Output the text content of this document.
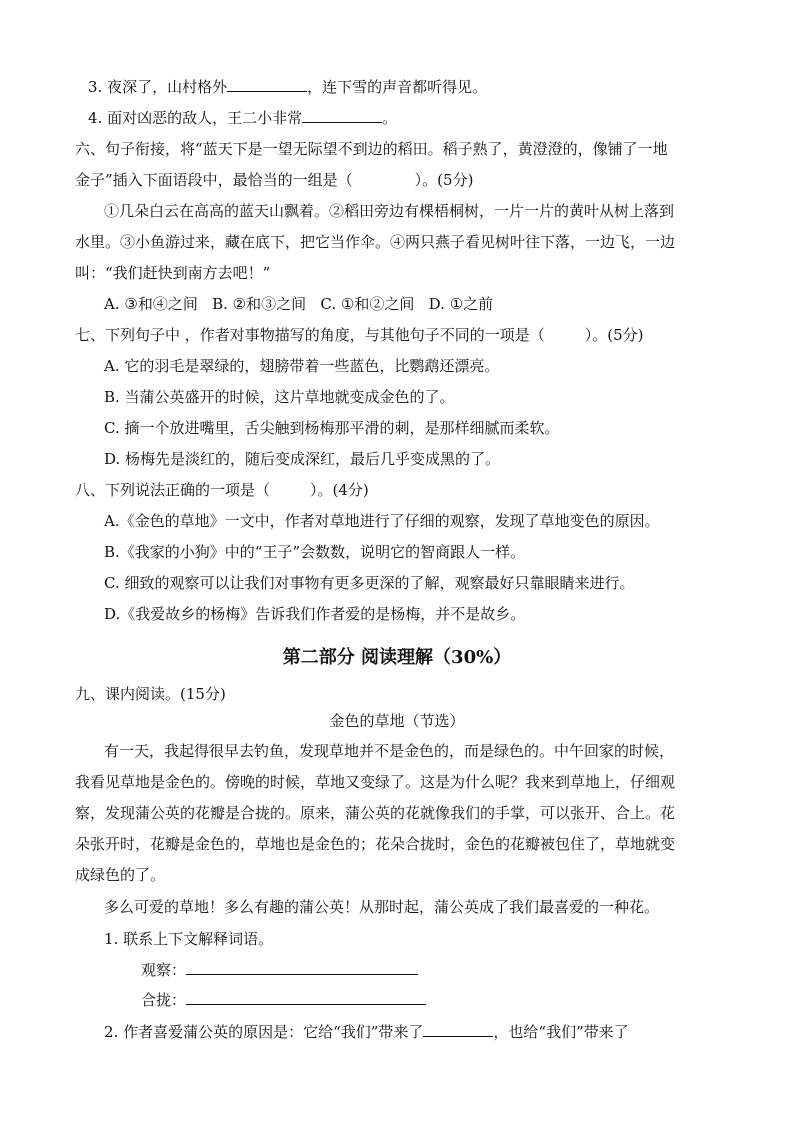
3. 夜深了，山村格外	，连下雪的声音都听得见。
4. 面对凶恶的敌人，王二小非常	。
六、句子衔接，将“蓝天下是一望无际望不到边的稻田。稻子熟了，黄澄澄的，像铺了一地
金子”插入下面语段中，最恰当的一组是（	）。(5分)
①几朵白云在高高的蓝天山飘着。②稻田旁边有棵梧桐树，一片一片的黄叶从树上落到
水里。③小鱼游过来，藏在底下，把它当作伞。④两只燕子看见树叶往下落，一边飞，一边
叫：“我们赶快到南方去吧！”
A. ③和④之间   B. ②和③之间   C. ①和②之间   D. ①之前
七、下列句子中 ，作者对事物描写的角度，与其他句子不同的一项是（	）。(5分)
A. 它的羽毛是翠绿的，翅膀带着一些蓝色，比鹦鹉还漂亮。
B. 当蒲公英盛开的时候，这片草地就变成金色的了。
C. 摘一个放进嘴里，舌尖触到杨梅那平滑的刺，是那样细腻而柔软。
D. 杨梅先是淡红的，随后变成深红，最后几乎变成黑的了。
八、下列说法正确的一项是（	）。(4分)
A.《金色的草地》一文中，作者对草地进行了仔细的观察，发现了草地变色的原因。
B.《我家的小狗》中的“王子”会数数，说明它的智商跟人一样。
C. 细致的观察可以让我们对事物有更多更深的了解，观察最好只靠眼睛来进行。
D.《我爱故乡的杨梅》告诉我们作者爱的是杨梅，并不是故乡。
第二部分 阅读理解（30%）
九、课内阅读。(15分)
金色的草地（节选）
有一天，我起得很早去钓鱼，发现草地并不是金色的，而是绿色的。中午回家的时候，
我看见草地是金色的。傍晚的时候，草地又变绿了。这是为什么呢？我来到草地上，仔细观
察，发现蒲公英的花瓣是合拢的。原来，蒲公英的花就像我们的手掌，可以张开、合上。花
朵张开时，花瓣是金色的，草地也是金色的；花朵合拢时，金色的花瓣被包住了，草地就变
成绿色的了。
多么可爱的草地！多么有趣的蒲公英！从那时起，蒲公英成了我们最喜爱的一种花。
1. 联系上下文解释词语。
观察：
合拢：
2. 作者喜爱蒲公英的原因是：它给“我们”带来了	，也给“我们”带来了
